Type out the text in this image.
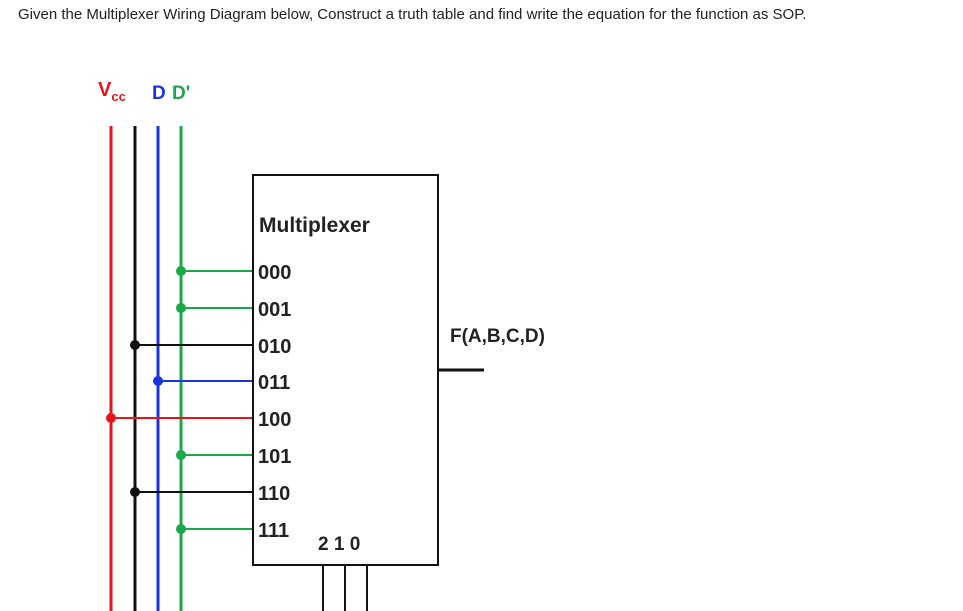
Given the Multiplexer Wiring Diagram below, Construct a truth table and find write the equation for the function as SOP.
$V_{cc}$ D D'
Multiplexer
000
001
010
011
100
101
110
111
2 1 0
F(A,B,C,D)
